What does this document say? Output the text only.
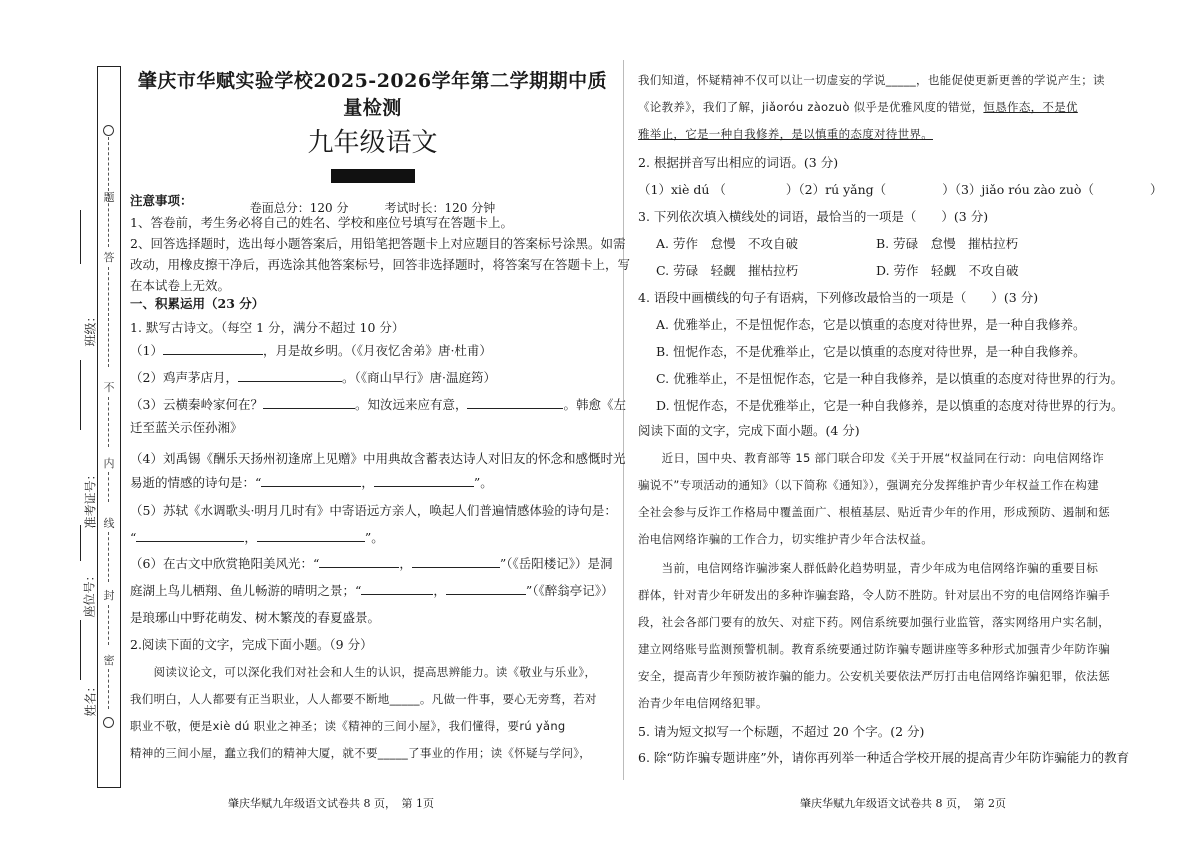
班级：
准考证号：
座位号：
姓名：
题
答
不
内
线
封
密
肇庆市华赋实验学校2025-2026学年第二学期期中质量检测
九年级语文
卷面总分：120 分　　　考试时长：120 分钟
注意事项：
1、答卷前，考生务必将自己的姓名、学校和座位号填写在答题卡上。
2、回答选择题时，选出每小题答案后，用铅笔把答题卡上对应题目的答案标号涂黑。如需
改动，用橡皮擦干净后，再选涂其他答案标号，回答非选择题时，将答案写在答题卡上，写
在本试卷上无效。
一、积累运用（23 分）
1. 默写古诗文。（每空 1 分，满分不超过 10 分）
（1）	，月是故乡明。（《月夜忆舍弟》唐·杜甫）
（2）鸡声茅店月，	。（《商山早行》唐·温庭筠）
（3）云横秦岭家何在？	。知汝远来应有意，	。韩愈《左
迁至蓝关示侄孙湘》
（4）刘禹锡《酬乐天扬州初逢席上见赠》中用典故含蓄表达诗人对旧友的怀念和感慨时光
易逝的情感的诗句是：“	，	”。
（5）苏轼《水调歌头·明月几时有》中寄语远方亲人，唤起人们普遍情感体验的诗句是：
“	，	”。
（6）在古文中欣赏艳阳美风光：“	，	”（《岳阳楼记》）是洞
庭湖上鸟儿栖翔、鱼儿畅游的晴明之景；“	，	”（《醉翁亭记》）
是琅琊山中野花萌发、树木繁茂的春夏盛景。
2.阅读下面的文字，完成下面小题。（9 分）
　　阅读议论文，可以深化我们对社会和人生的认识，提高思辨能力。读《敬业与乐业》，
我们明白，人人都要有正当职业，人人都要不断地_____。凡做一件事，要心无旁骛，若对
职业不敬，便是xiè dú 职业之神圣；读《精神的三间小屋》，我们懂得，要rú yǎng
精神的三间小屋，蠢立我们的精神大厦，就不要_____了事业的作用；读《怀疑与学问》，
肇庆华赋九年级语文试卷共 8 页，　第 1页
我们知道，怀疑精神不仅可以让一切虚妄的学说_____，也能促使更新更善的学说产生；读
《论教养》，我们了解，jiǎoróu zàozuò 似乎是优雅风度的错觉，恒恳作态，不是优
雅举止，它是一种自我修养，是以慎重的态度对待世界。
2. 根据拼音写出相应的词语。(3 分)
（1）xiè dú （	）（2）rú yǎng（	）（3）jiǎo róu zào zuò（	）
3. 下列依次填入横线处的词语，最恰当的一项是（　　）(3 分)
A. 劳作　怠慢　不攻自破	B. 劳碌　怠慢　摧枯拉朽
C. 劳碌　轻觑　摧枯拉朽	D. 劳作　轻觑　不攻自破
4. 语段中画横线的句子有语病，下列修改最恰当的一项是（　　）(3 分)
A. 优雅举止，不是忸怩作态，它是以慎重的态度对待世界，是一种自我修养。
B. 忸怩作态，不是优雅举止，它是以慎重的态度对待世界，是一种自我修养。
C. 优雅举止，不是忸怩作态，它是一种自我修养，是以慎重的态度对待世界的行为。
D. 忸怩作态，不是优雅举止，它是一种自我修养，是以慎重的态度对待世界的行为。
阅读下面的文字，完成下面小题。(4 分)
　　近日，国中央、教育部等 15 部门联合印发《关于开展“权益同在行动：向电信网络诈
骗说不”专项活动的通知》（以下简称《通知》），强调充分发挥维护青少年权益工作在构建
全社会参与反诈工作格局中覆盖面广、根植基层、贴近青少年的作用，形成预防、遏制和惩
治电信网络诈骗的工作合力，切实维护青少年合法权益。
　　当前，电信网络诈骗涉案人群低龄化趋势明显，青少年成为电信网络诈骗的重要目标
群体，针对青少年研发出的多种诈骗套路，令人防不胜防。针对层出不穷的电信网络诈骗手
段，社会各部门要有的放矢、对症下药。网信系统要加强行业监管，落实网络用户实名制，
建立网络账号监测预警机制。教育系统要通过防诈骗专题讲座等多种形式加强青少年防诈骗
安全，提高青少年预防被诈骗的能力。公安机关要依法严厉打击电信网络诈骗犯罪，依法惩
治青少年电信网络犯罪。
5. 请为短文拟写一个标题，不超过 20 个字。(2 分)
6. 除“防诈骗专题讲座”外，请你再列举一种适合学校开展的提高青少年防诈骗能力的教育
肇庆华赋九年级语文试卷共 8 页，　第 2页
